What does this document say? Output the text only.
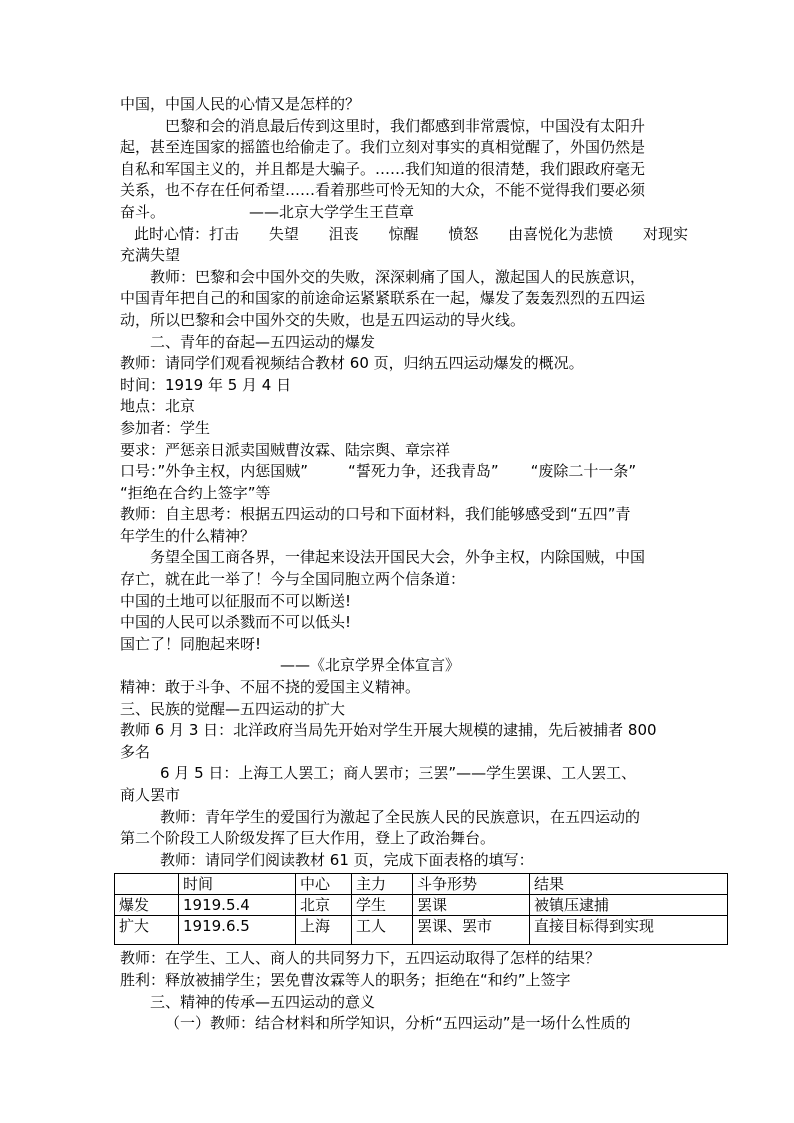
中国，中国人民的心情又是怎样的？
巴黎和会的消息最后传到这里时，我们都感到非常震惊，中国没有太阳升
起，甚至连国家的摇篮也给偷走了。我们立刻对事实的真相觉醒了，外国仍然是
自私和军国主义的，并且都是大骗子。……我们知道的很清楚，我们跟政府毫无
关系，也不存在任何希望……看着那些可怜无知的大众，不能不觉得我们要必须
奋斗。	——北京大学学生王苣章
此时心情：打击 失望 沮丧 惊醒 愤怒 由喜悦化为悲愤 对现实
充满失望
教师：巴黎和会中国外交的失败，深深刺痛了国人，激起国人的民族意识，
中国青年把自己的和国家的前途命运紧紧联系在一起，爆发了轰轰烈烈的五四运
动，所以巴黎和会中国外交的失败，也是五四运动的导火线。
二、青年的奋起—五四运动的爆发
教师：请同学们观看视频结合教材 60 页，归纳五四运动爆发的概况。
时间：1919 年 5 月 4 日
地点：北京
参加者：学生
要求：严惩亲日派卖国贼曹汝霖、陆宗舆、章宗祥
口号：”外争主权，内惩国贼”	“誓死力争，还我青岛” “废除二十一条”
“拒绝在合约上签字”等
教师：自主思考：根据五四运动的口号和下面材料，我们能够感受到“五四”青
年学生的什么精神？
务望全国工商各界，一律起来设法开国民大会，外争主权，内除国贼，中国
存亡，就在此一举了！今与全国同胞立两个信条道：
中国的土地可以征服而不可以断送!
中国的人民可以杀戮而不可以低头!
国亡了！同胞起来呀!
——《北京学界全体宣言》
精神：敢于斗争、不屈不挠的爱国主义精神。
三、民族的觉醒—五四运动的扩大
教师 6 月 3 日：北洋政府当局先开始对学生开展大规模的逮捕，先后被捕者 800
多名
6 月 5 日：上海工人罢工；商人罢市；三罢”——学生罢课、工人罢工、
商人罢市
教师：青年学生的爱国行为激起了全民族人民的民族意识，在五四运动的
第二个阶段工人阶级发挥了巨大作用，登上了政治舞台。
教师：请同学们阅读教材 61 页，完成下面表格的填写：
	时间	中心	主力	斗争形势	结果
爆发	1919.5.4	北京	学生	罢课	被镇压逮捕
扩大	1919.6.5	上海	工人	罢课、罢市	直接目标得到实现
教师：在学生、工人、商人的共同努力下，五四运动取得了怎样的结果？
胜利：释放被捕学生；罢免曹汝霖等人的职务；拒绝在“和约”上签字
三、精神的传承—五四运动的意义
（一）教师：结合材料和所学知识，分析“五四运动”是一场什么性质的
